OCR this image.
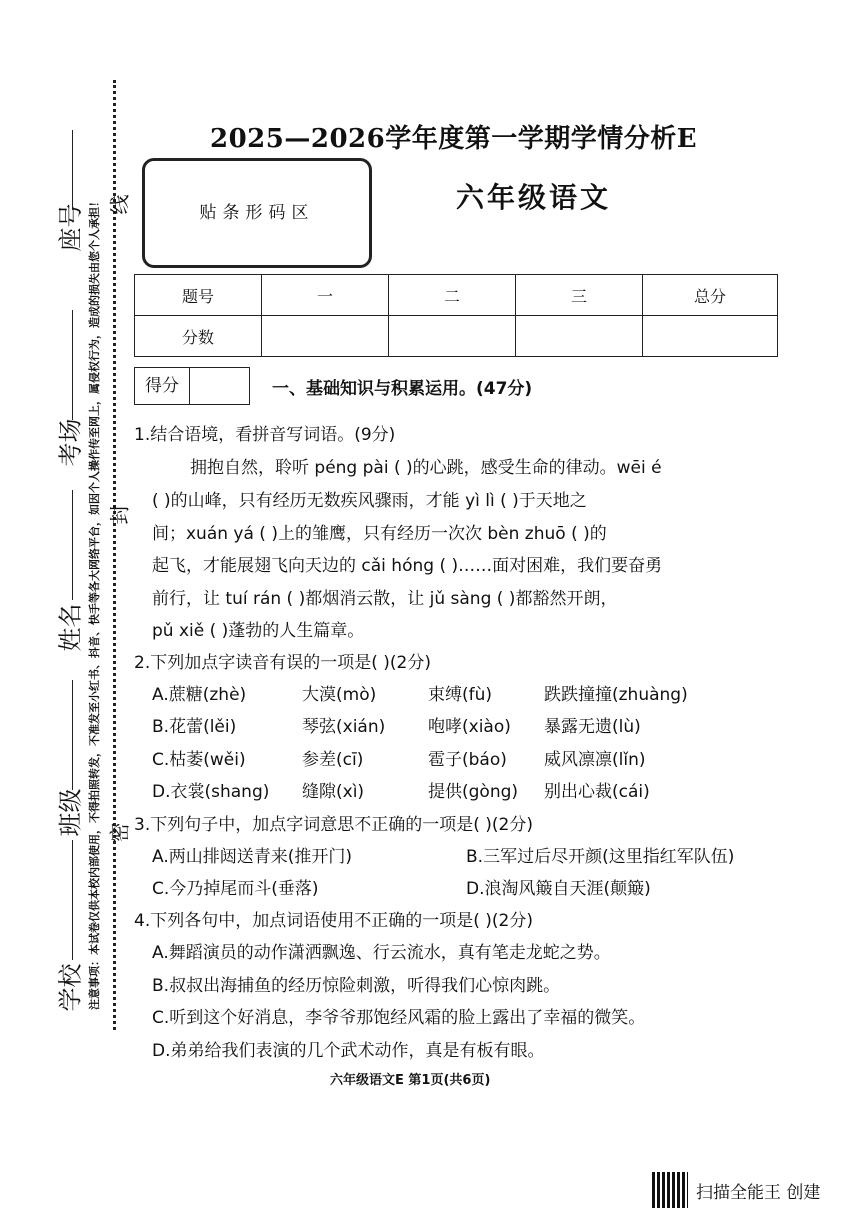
注意事项：本试卷仅供本校内部使用，不得拍照转发，不准发至小红书、抖音、快手等各大网络平台，如因个人操作传至网上，属侵权行为，造成的损失由您个人承担！
座号
考场
姓名
班级
学校
线
封
密
2025—2026学年度第一学期学情分析E
贴条形码区	六年级语文
题号	一	二	三	总分
分数				
得分	一、基础知识与积累运用。(47分)
1.结合语境，看拼音写词语。(9分)
拥抱自然，聆听 péng pài ( )的心跳，感受生命的律动。wēi é
( )的山峰，只有经历无数疾风骤雨，才能 yì lì ( )于天地之
间；xuán yá ( )上的雏鹰，只有经历一次次 bèn zhuō ( )的
起飞，才能展翅飞向天边的 cǎi hóng ( )……面对困难，我们要奋勇
前行，让 tuí rán ( )都烟消云散，让 jǔ sàng ( )都豁然开朗，
pǔ xiě ( )蓬勃的人生篇章。
2.下列加点字读音有误的一项是( )(2分)
A.蔗糖(zhè)	大漠(mò)	束缚(fù)	跌跌撞撞(zhuàng)
B.花蕾(lěi)	琴弦(xián)	咆哮(xiào) 暴露无遗(lù)
C.枯萎(wěi)	参差(cī)	雹子(báo) 威风凛凛(lǐn)
D.衣裳(shang) 缝隙(xì)	提供(gòng) 别出心裁(cái)
3.下列句子中，加点字词意思不正确的一项是( )(2分)
A.两山排闼送青来(推开门)	B.三军过后尽开颜(这里指红军队伍)
C.今乃掉尾而斗(垂落)	D.浪淘风簸自天涯(颠簸)
4.下列各句中，加点词语使用不正确的一项是( )(2分)
A.舞蹈演员的动作潇洒飘逸、行云流水，真有笔走龙蛇之势。
B.叔叔出海捕鱼的经历惊险刺激，听得我们心惊肉跳。
C.听到这个好消息，李爷爷那饱经风霜的脸上露出了幸福的微笑。
D.弟弟给我们表演的几个武术动作，真是有板有眼。
六年级语文E 第1页(共6页)
扫描全能王 创建
